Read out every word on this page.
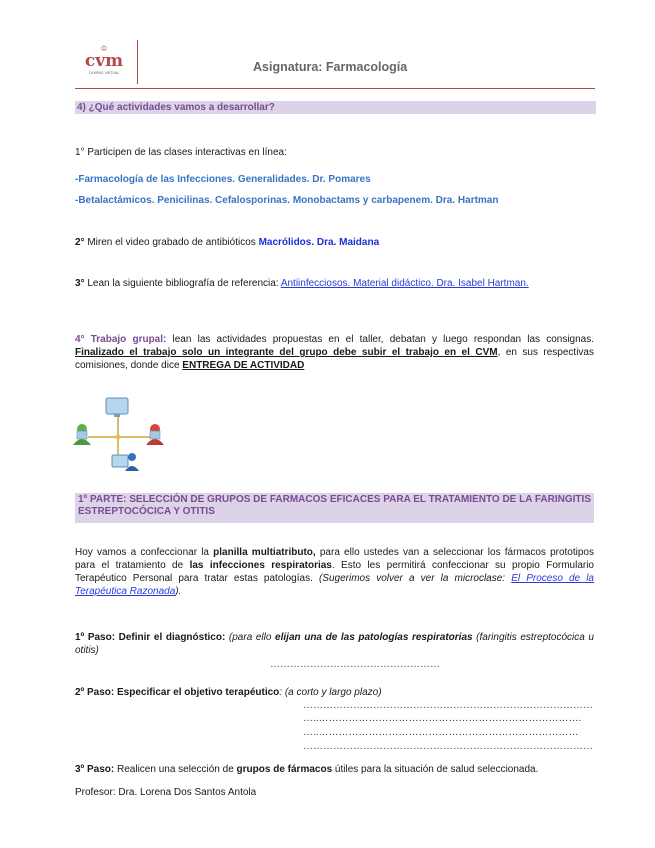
♔
cvm
CAMPUS VIRTUAL	Asignatura: Farmacología
4) ¿Qué actividades vamos a desarrollar?
1° Participen de las clases interactivas en línea:
-Farmacología de las Infecciones. Generalidades. Dr. Pomares
-Betalactámicos. Penicilinas. Cefalosporinas. Monobactams y carbapenem. Dra. Hartman
2° Miren el video grabado de antibióticos Macrólidos. Dra. Maidana
3° Lean la siguiente bibliografía de referencia: Antiinfecciosos. Material didáctico. Dra. Isabel Hartman.
4° Trabajo grupal: lean las actividades propuestas en el taller, debatan y luego respondan las consignas. Finalizado el trabajo solo un integrante del grupo debe subir el trabajo en el CVM, en sus respectivas comisiones, donde dice ENTREGA DE ACTIVIDAD
1º PARTE: SELECCIÓN DE GRUPOS DE FARMACOS EFICACES PARA EL TRATAMIENTO DE LA FARINGITIS ESTREPTOCÓCICA Y OTITIS
Hoy vamos a confeccionar la planilla multiatributo, para ello ustedes van a seleccionar los fármacos prototipos para el tratamiento de las infecciones respiratorias. Esto les permitirá confeccionar su propio Formulario Terapéutico Personal para tratar estas patologías. (Sugerimos volver a ver la microclase: El Proceso de la Terapéutica Razonada).
1º Paso: Definir el diagnóstico: (para ello elijan una de las patologías respiratorias (faringitis estreptocócica u otitis)
……………………………………………
2º Paso: Especificar el objetivo terapéutico: (a corto y largo plazo)
……………………………………………………………………………
…..…………………………………………………………………….
…..……………………………………………………………………
……………………………………………………………………………
3º Paso: Realicen una selección de grupos de fármacos útiles para la situación de salud seleccionada.
Profesor: Dra. Lorena Dos Santos Antola
